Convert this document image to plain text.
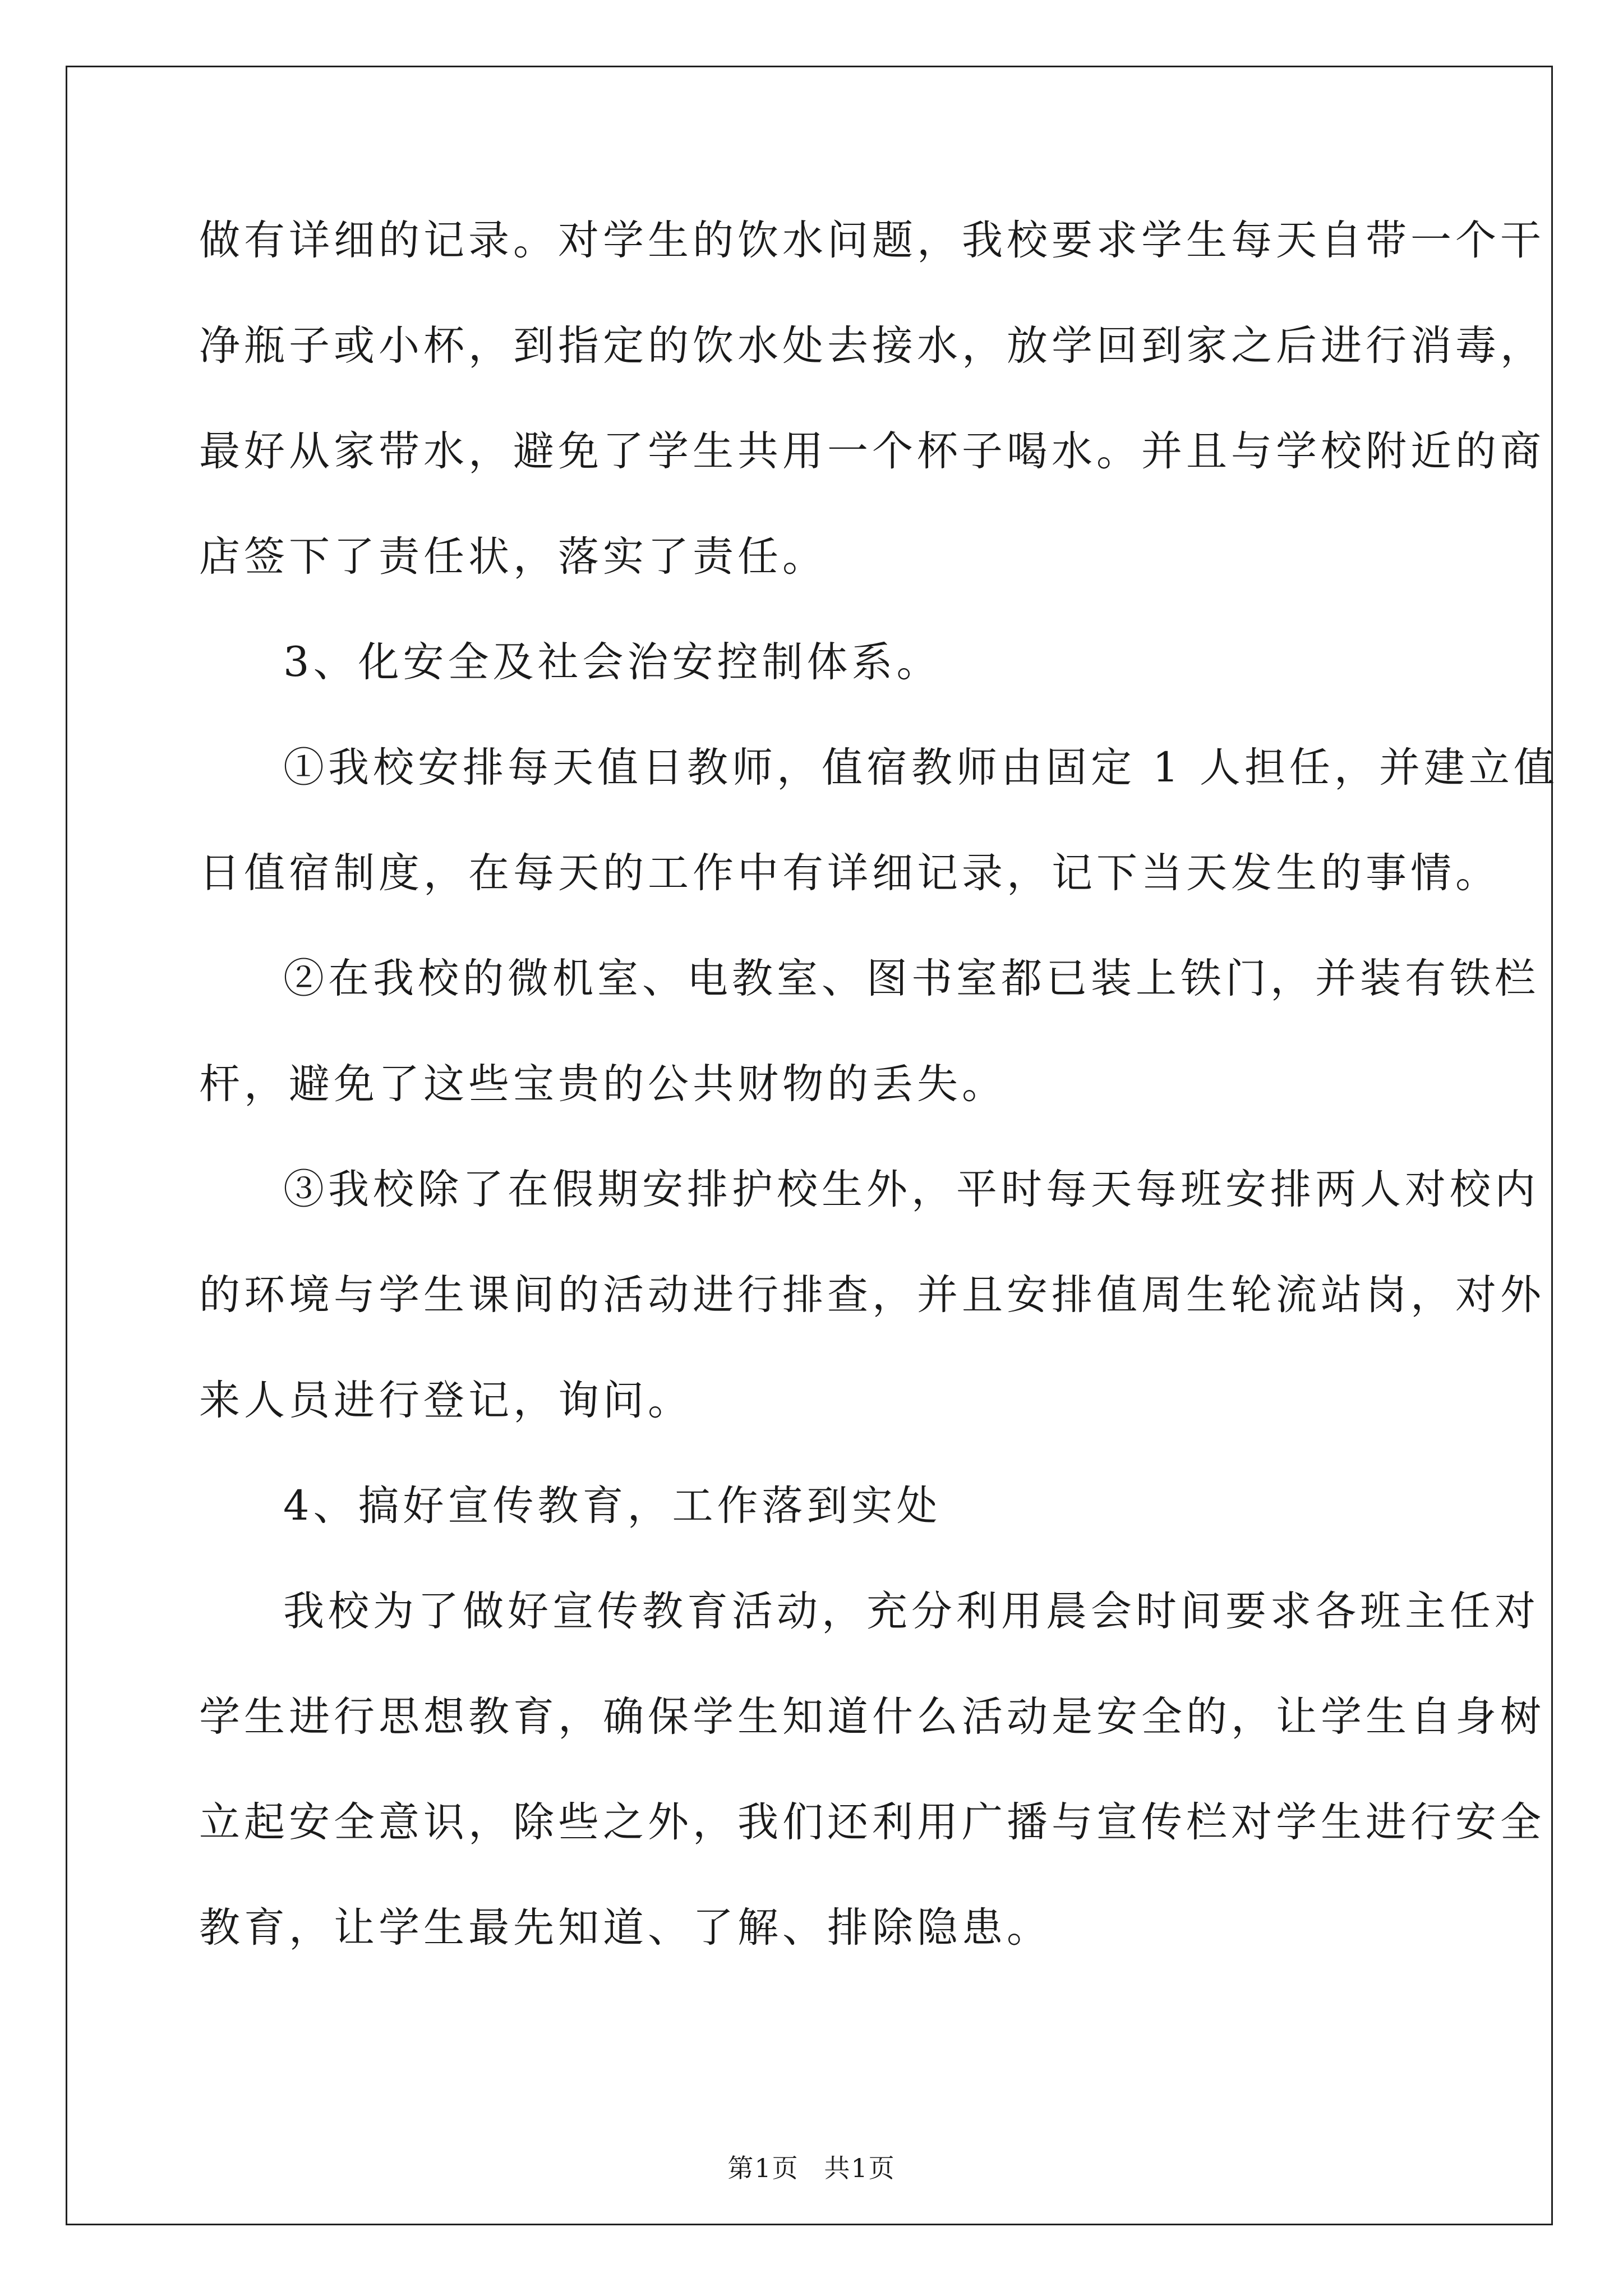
做有详细的记录。对学生的饮水问题，我校要求学生每天自带一个干
净瓶子或小杯，到指定的饮水处去接水，放学回到家之后进行消毒，
最好从家带水，避免了学生共用一个杯子喝水。并且与学校附近的商
店签下了责任状，落实了责任。
3、化安全及社会治安控制体系。
①我校安排每天值日教师，值宿教师由固定 1 人担任，并建立值
日值宿制度，在每天的工作中有详细记录，记下当天发生的事情。
②在我校的微机室、电教室、图书室都已装上铁门，并装有铁栏
杆，避免了这些宝贵的公共财物的丢失。
③我校除了在假期安排护校生外，平时每天每班安排两人对校内
的环境与学生课间的活动进行排查，并且安排值周生轮流站岗，对外
来人员进行登记，询问。
4、搞好宣传教育，工作落到实处
我校为了做好宣传教育活动，充分利用晨会时间要求各班主任对
学生进行思想教育，确保学生知道什么活动是安全的，让学生自身树
立起安全意识，除些之外，我们还利用广播与宣传栏对学生进行安全
教育，让学生最先知道、了解、排除隐患。
第1页 共1页
